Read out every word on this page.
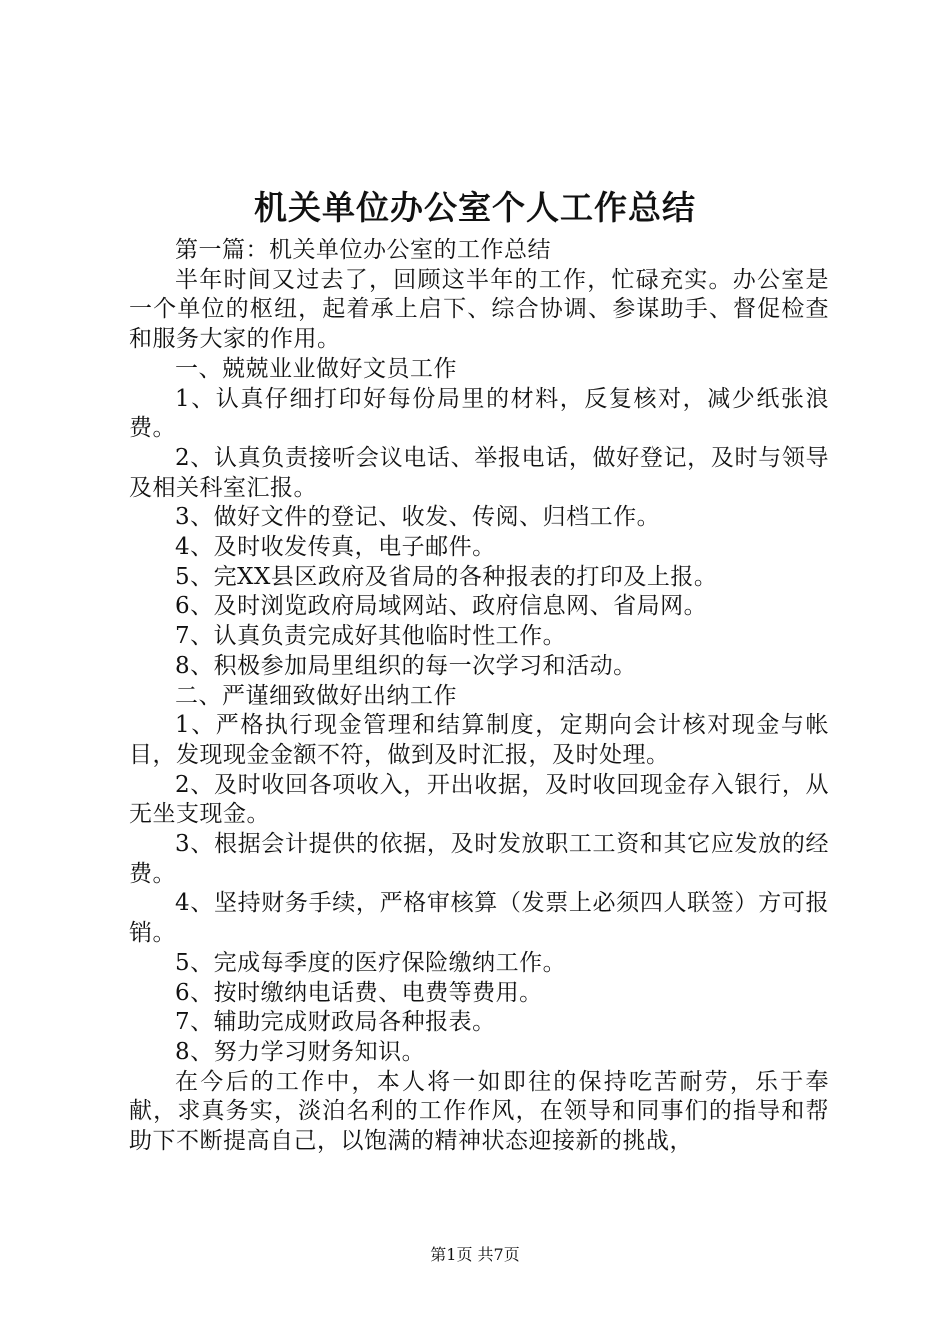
机关单位办公室个人工作总结

第一篇：机关单位办公室的工作总结

半年时间又过去了，回顾这半年的工作，忙碌充实。办公室是一个单位的枢纽，起着承上启下、综合协调、参谋助手、督促检查和服务大家的作用。

一、兢兢业业做好文员工作

1、认真仔细打印好每份局里的材料，反复核对，减少纸张浪费。

2、认真负责接听会议电话、举报电话，做好登记，及时与领导及相关科室汇报。

3、做好文件的登记、收发、传阅、归档工作。

4、及时收发传真，电子邮件。

5、完XX县区政府及省局的各种报表的打印及上报。

6、及时浏览政府局域网站、政府信息网、省局网。

7、认真负责完成好其他临时性工作。

8、积极参加局里组织的每一次学习和活动。

二、严谨细致做好出纳工作

1、严格执行现金管理和结算制度，定期向会计核对现金与帐目，发现现金金额不符，做到及时汇报，及时处理。

2、及时收回各项收入，开出收据，及时收回现金存入银行，从无坐支现金。

3、根据会计提供的依据，及时发放职工工资和其它应发放的经费。

4、坚持财务手续，严格审核算（发票上必须四人联签）方可报销。

5、完成每季度的医疗保险缴纳工作。

6、按时缴纳电话费、电费等费用。

7、辅助完成财政局各种报表。

8、努力学习财务知识。

在今后的工作中，本人将一如即往的保持吃苦耐劳，乐于奉献，求真务实，淡泊名利的工作作风，在领导和同事们的指导和帮助下不断提高自己，以饱满的精神状态迎接新的挑战，

第1页 共7页
